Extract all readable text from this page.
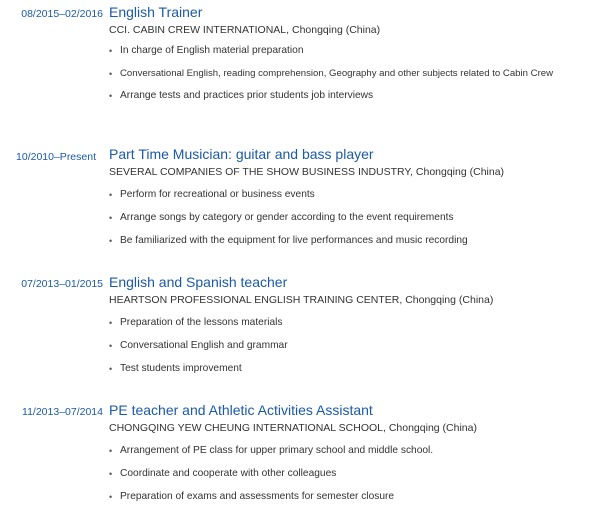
08/2015–02/2016 English Trainer
CCI. CABIN CREW INTERNATIONAL, Chongqing (China)
• In charge of English material preparation
• Conversational English, reading comprehension, Geography and other subjects related to Cabin Crew
• Arrange tests and practices prior students job interviews
10/2010–Present Part Time Musician: guitar and bass player
SEVERAL COMPANIES OF THE SHOW BUSINESS INDUSTRY, Chongqing (China)
• Perform for recreational or business events
• Arrange songs by category or gender according to the event requirements
• Be familiarized with the equipment for live performances and music recording
07/2013–01/2015 English and Spanish teacher
HEARTSON PROFESSIONAL ENGLISH TRAINING CENTER, Chongqing (China)
• Preparation of the lessons materials
• Conversational English and grammar
• Test students improvement
11/2013–07/2014 PE teacher and Athletic Activities Assistant
CHONGQING YEW CHEUNG INTERNATIONAL SCHOOL, Chongqing (China)
• Arrangement of PE class for upper primary school and middle school.
• Coordinate and cooperate with other colleagues
• Preparation of exams and assessments for semester closure
